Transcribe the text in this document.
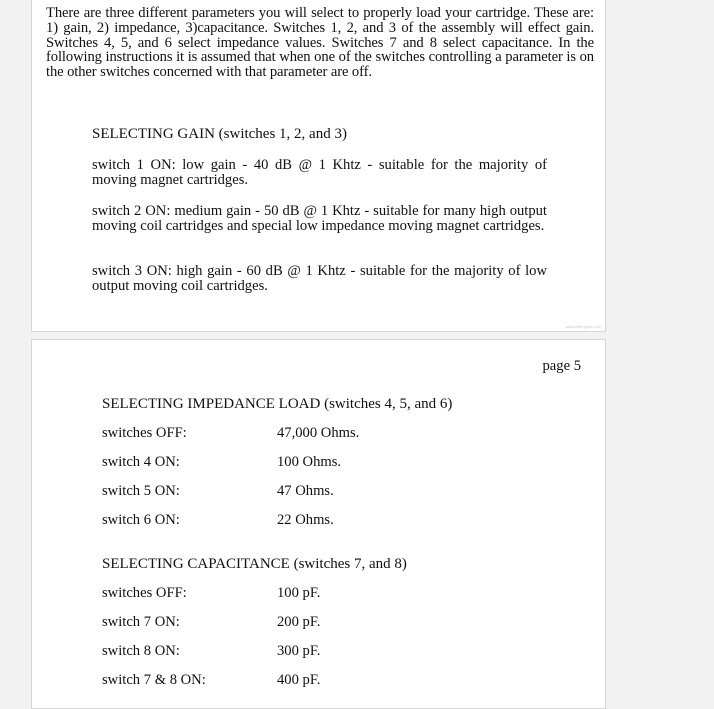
There are three different parameters you will select to properly load your cartridge. These are: 1) gain, 2) impedance, 3)capacitance. Switches 1, 2, and 3 of the assembly will effect gain. Switches 4, 5, and 6 select impedance values. Switches 7 and 8 select capacitance. In the following instructions it is assumed that when one of the switches controlling a parameter is on the other switches concerned with that parameter are off.
SELECTING GAIN (switches 1, 2, and 3)
switch 1 ON: low gain - 40 dB @ 1 Khtz - suitable for the majority of moving magnet cartridges.
switch 2 ON: medium gain - 50 dB @ 1 Khtz - suitable for many high output moving coil cartridges and special low impedance moving magnet cartridges.
switch 3 ON: high gain - 60 dB @ 1 Khtz - suitable for the majority of low output moving coil cartridges.
www.hifiengine.com
page 5
SELECTING IMPEDANCE LOAD (switches 4, 5, and 6)
switches OFF:	47,000 Ohms.
switch 4 ON:	100 Ohms.
switch 5 ON:	47 Ohms.
switch 6 ON:	22 Ohms.
SELECTING CAPACITANCE (switches 7, and 8)
switches OFF:	100 pF.
switch 7 ON:	200 pF.
switch 8 ON:	300 pF.
switch 7 & 8 ON:	400 pF.
